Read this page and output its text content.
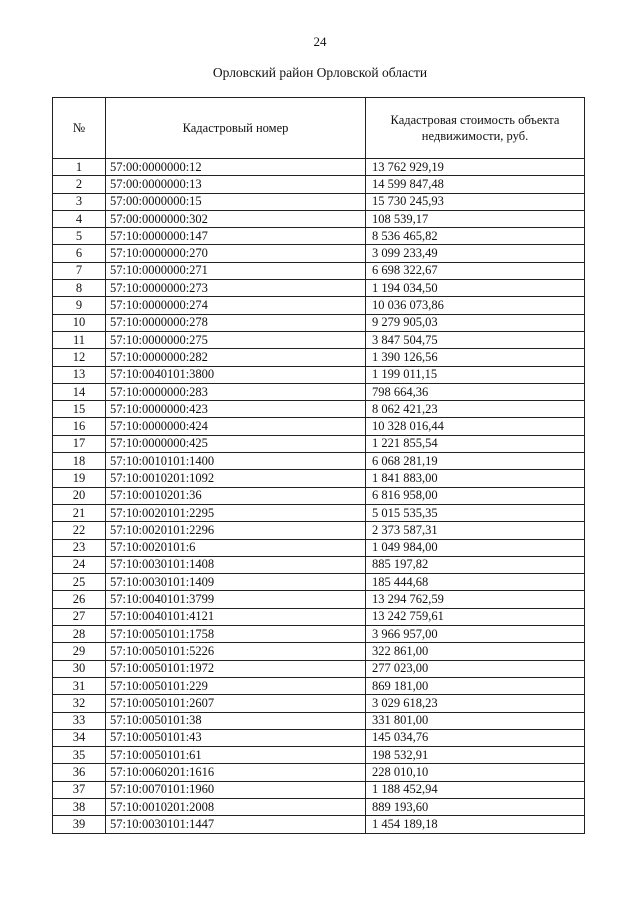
24
Орловский район Орловской области
№	Кадастровый номер	Кадастровая стоимость объекта недвижимости, руб.
1	57:00:0000000:12	13 762 929,19
2	57:00:0000000:13	14 599 847,48
3	57:00:0000000:15	15 730 245,93
4	57:00:0000000:302	108 539,17
5	57:10:0000000:147	8 536 465,82
6	57:10:0000000:270	3 099 233,49
7	57:10:0000000:271	6 698 322,67
8	57:10:0000000:273	1 194 034,50
9	57:10:0000000:274	10 036 073,86
10	57:10:0000000:278	9 279 905,03
11	57:10:0000000:275	3 847 504,75
12	57:10:0000000:282	1 390 126,56
13	57:10:0040101:3800	1 199 011,15
14	57:10:0000000:283	798 664,36
15	57:10:0000000:423	8 062 421,23
16	57:10:0000000:424	10 328 016,44
17	57:10:0000000:425	1 221 855,54
18	57:10:0010101:1400	6 068 281,19
19	57:10:0010201:1092	1 841 883,00
20	57:10:0010201:36	6 816 958,00
21	57:10:0020101:2295	5 015 535,35
22	57:10:0020101:2296	2 373 587,31
23	57:10:0020101:6	1 049 984,00
24	57:10:0030101:1408	885 197,82
25	57:10:0030101:1409	185 444,68
26	57:10:0040101:3799	13 294 762,59
27	57:10:0040101:4121	13 242 759,61
28	57:10:0050101:1758	3 966 957,00
29	57:10:0050101:5226	322 861,00
30	57:10:0050101:1972	277 023,00
31	57:10:0050101:229	869 181,00
32	57:10:0050101:2607	3 029 618,23
33	57:10:0050101:38	331 801,00
34	57:10:0050101:43	145 034,76
35	57:10:0050101:61	198 532,91
36	57:10:0060201:1616	228 010,10
37	57:10:0070101:1960	1 188 452,94
38	57:10:0010201:2008	889 193,60
39	57:10:0030101:1447	1 454 189,18
